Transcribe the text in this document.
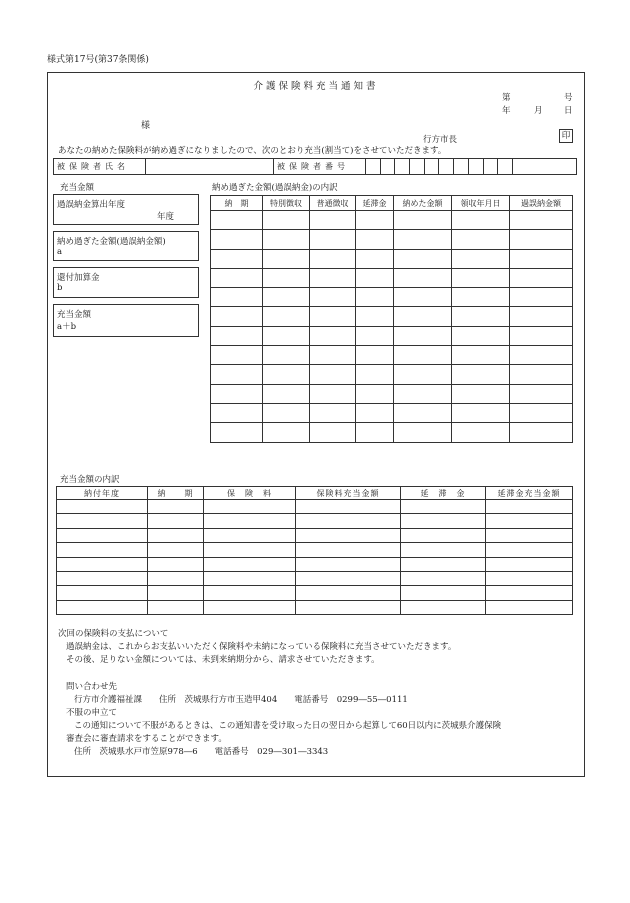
様式第17号(第37条関係)
介護保険料充当通知書
第	号
年	月	日
様
行方市長	印
あなたの納めた保険料が納め過ぎになりましたので、次のとおり充当(割当て)をさせていただきます。
被保険者氏名		被保険者番号											
充当金額	納め過ぎた金額(過誤納金)の内訳
過誤納金算出年度
年度
納め過ぎた金額(過誤納金額)
a
還付加算金
b
充当金額
a＋b
納　期	特別徴収	普通徴収	延滞金	納めた金額	領収年月日	過誤納金額

充当金額の内訳
納付年度	納　　期	保　険　料	保険料充当金額	延　滞　金	延滞金充当金額

次回の保険料の支払について
過誤納金は、これからお支払いいただく保険料や未納になっている保険料に充当させていただきます。
その後、足りない金額については、未到来納期分から、請求させていただきます。
問い合わせ先
行方市介護福祉課　　住所　茨城県行方市玉造甲404　　電話番号　0299―55―0111
不服の申立て
この通知について不服があるときは、この通知書を受け取った日の翌日から起算して60日以内に茨城県介護保険
審査会に審査請求をすることができます。
住所　茨城県水戸市笠原978―6　　電話番号　029―301―3343
